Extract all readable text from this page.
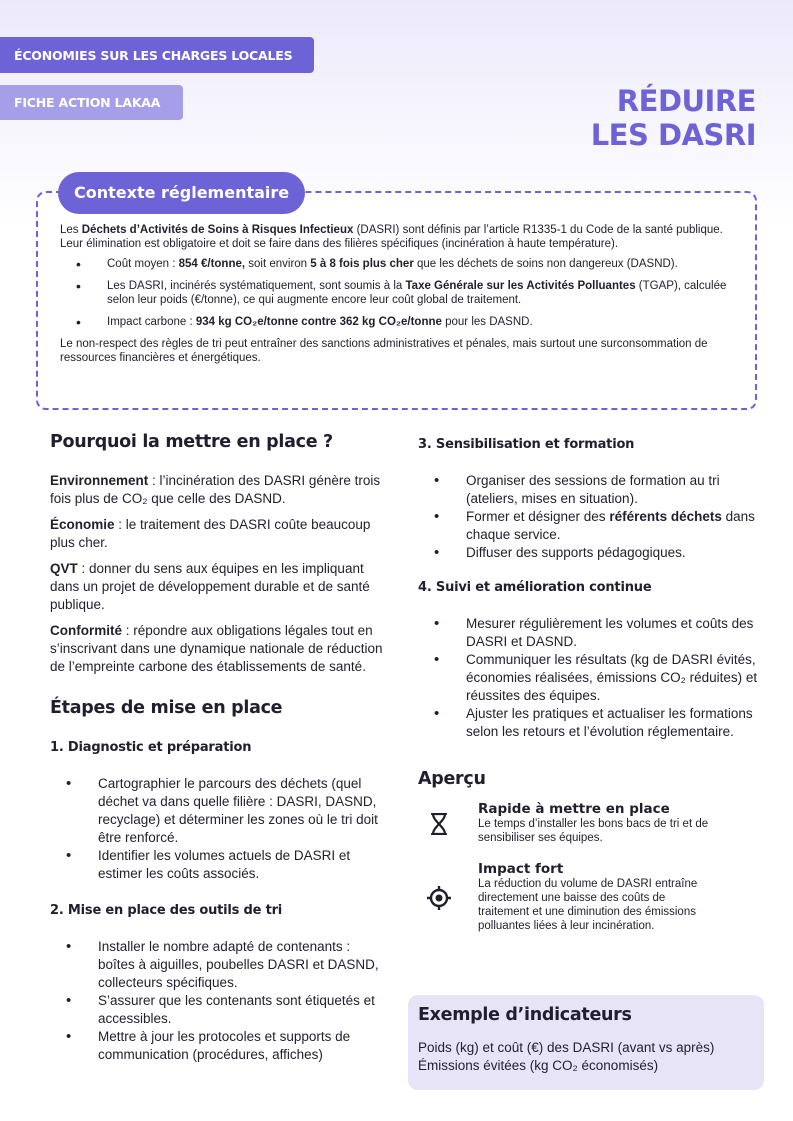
ÉCONOMIES SUR LES CHARGES LOCALES
FICHE ACTION LAKAA	RÉDUIRE
LES DASRI
Contexte réglementaire

Les Déchets d’Activités de Soins à Risques Infectieux (DASRI) sont définis par l’article R1335-1 du Code de la santé publique. Leur élimination est obligatoire et doit se faire dans des filières spécifiques (incinération à haute température).

• Coût moyen : 854 €/tonne, soit environ 5 à 8 fois plus cher que les déchets de soins non dangereux (DASND).
• Les DASRI, incinérés systématiquement, sont soumis à la Taxe Générale sur les Activités Polluantes (TGAP), calculée selon leur poids (€/tonne), ce qui augmente encore leur coût global de traitement.
• Impact carbone : 934 kg CO₂e/tonne contre 362 kg CO₂e/tonne pour les DASND.

Le non-respect des règles de tri peut entraîner des sanctions administratives et pénales, mais surtout une surconsommation de ressources financières et énergétiques.

Pourquoi la mettre en place ?

Environnement : l’incinération des DASRI génère trois fois plus de CO₂ que celle des DASND.

Économie : le traitement des DASRI coûte beaucoup plus cher.

QVT : donner du sens aux équipes en les impliquant dans un projet de développement durable et de santé publique.

Conformité : répondre aux obligations légales tout en s’inscrivant dans une dynamique nationale de réduction de l’empreinte carbone des établissements de santé.

Étapes de mise en place
1. Diagnostic et préparation
• Cartographier le parcours des déchets (quel déchet va dans quelle filière : DASRI, DASND, recyclage) et déterminer les zones où le tri doit être renforcé.
• Identifier les volumes actuels de DASRI et estimer les coûts associés.
2. Mise en place des outils de tri
• Installer le nombre adapté de contenants : boîtes à aiguilles, poubelles DASRI et DASND, collecteurs spécifiques.
• S’assurer que les contenants sont étiquetés et accessibles.
• Mettre à jour les protocoles et supports de communication (procédures, affiches)
3. Sensibilisation et formation
• Organiser des sessions de formation au tri (ateliers, mises en situation).
• Former et désigner des référents déchets dans chaque service.
• Diffuser des supports pédagogiques.
4. Suivi et amélioration continue
• Mesurer régulièrement les volumes et coûts des DASRI et DASND.
• Communiquer les résultats (kg de DASRI évités, économies réalisées, émissions CO₂ réduites) et réussites des équipes.
• Ajuster les pratiques et actualiser les formations selon les retours et l’évolution réglementaire.
Aperçu
Rapide à mettre en place
Le temps d’installer les bons bacs de tri et de sensibiliser ses équipes.
Impact fort
La réduction du volume de DASRI entraîne directement une baisse des coûts de traitement et une diminution des émissions polluantes liées à leur incinération.
Exemple d’indicateurs

Poids (kg) et coût (€) des DASRI (avant vs après)

Émissions évitées (kg CO₂ économisés)
